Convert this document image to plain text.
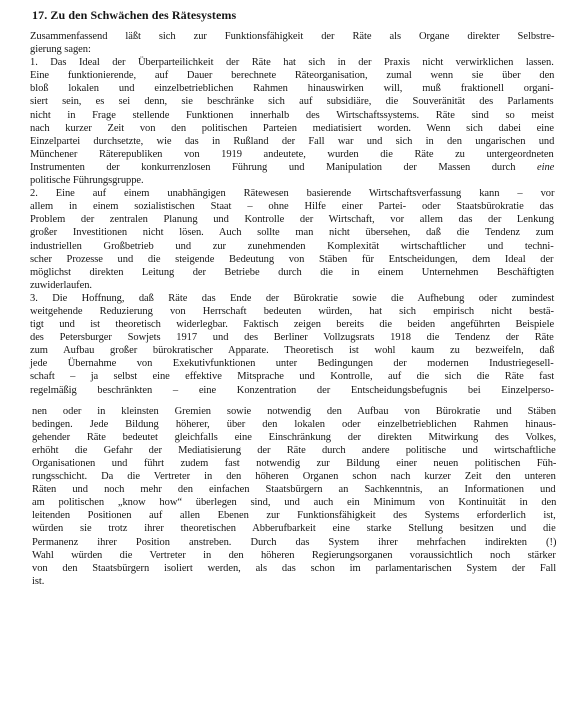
17. Zu den Schwächen des Rätesystems
Zusammenfassend läßt sich zur Funktionsfähigkeit der Räte als Organe direkter Selbstre-
gierung sagen:
1. Das Ideal der Überparteilichkeit der Räte hat sich in der Praxis nicht verwirklichen lassen.
Eine funktionierende, auf Dauer berechnete Räteorganisation, zumal wenn sie über den
bloß lokalen und einzelbetrieblichen Rahmen hinauswirken will, muß fraktionell organi-
siert sein, es sei denn, sie beschränke sich auf subsidiäre, die Souveränität des Parlaments
nicht in Frage stellende Funktionen innerhalb des Wirtschaftssystems. Räte sind so meist
nach kurzer Zeit von den politischen Parteien mediatisiert worden. Wenn sich dabei eine
Einzelpartei durchsetzte, wie das in Rußland der Fall war und sich in den ungarischen und
Münchener Räterepubliken von 1919 andeutete, wurden die Räte zu untergeordneten
Instrumenten der konkurrenzlosen Führung und Manipulation der Massen durch eine
politische Führungsgruppe.
2. Eine auf einem unabhängigen Rätewesen basierende Wirtschaftsverfassung kann – vor
allem in einem sozialistischen Staat – ohne Hilfe einer Partei- oder Staatsbürokratie das
Problem der zentralen Planung und Kontrolle der Wirtschaft, vor allem das der Lenkung
großer Investitionen nicht lösen. Auch sollte man nicht übersehen, daß die Tendenz zum
industriellen Großbetrieb und zur zunehmenden Komplexität wirtschaftlicher und techni-
scher Prozesse und die steigende Bedeutung von Stäben für Entscheidungen, dem Ideal der
möglichst direkten Leitung der Betriebe durch die in einem Unternehmen Beschäftigten
zuwiderlaufen.
3. Die Hoffnung, daß Räte das Ende der Bürokratie sowie die Aufhebung oder zumindest
weitgehende Reduzierung von Herrschaft bedeuten würden, hat sich empirisch nicht bestä-
tigt und ist theoretisch widerlegbar. Faktisch zeigen bereits die beiden angeführten Beispiele
des Petersburger Sowjets 1917 und des Berliner Vollzugsrats 1918 die Tendenz der Räte
zum Aufbau großer bürokratischer Apparate. Theoretisch ist wohl kaum zu bezweifeln, daß
jede Übernahme von Exekutivfunktionen unter Bedingungen der modernen Industriegesell-
schaft – ja selbst eine effektive Mitsprache und Kontrolle, auf die sich die Räte fast
regelmäßig beschränkten – eine Konzentration der Entscheidungsbefugnis bei Einzelperso-
nen oder in kleinsten Gremien sowie notwendig den Aufbau von Bürokratie und Stäben
bedingen. Jede Bildung höherer, über den lokalen oder einzelbetrieblichen Rahmen hinaus-
gehender Räte bedeutet gleichfalls eine Einschränkung der direkten Mitwirkung des Volkes,
erhöht die Gefahr der Mediatisierung der Räte durch andere politische und wirtschaftliche
Organisationen und führt zudem fast notwendig zur Bildung einer neuen politischen Füh-
rungsschicht. Da die Vertreter in den höheren Organen schon nach kurzer Zeit den unteren
Räten und noch mehr den einfachen Staatsbürgern an Sachkenntnis, an Informationen und
am politischen „know how“ überlegen sind, und auch ein Minimum von Kontinuität in den
leitenden Positionen auf allen Ebenen zur Funktionsfähigkeit des Systems erforderlich ist,
würden sie trotz ihrer theoretischen Abberufbarkeit eine starke Stellung besitzen und die
Permanenz ihrer Position anstreben. Durch das System ihrer mehrfachen indirekten (!)
Wahl würden die Vertreter in den höheren Regierungsorganen voraussichtlich noch stärker
von den Staatsbürgern isoliert werden, als das schon im parlamentarischen System der Fall
ist.
